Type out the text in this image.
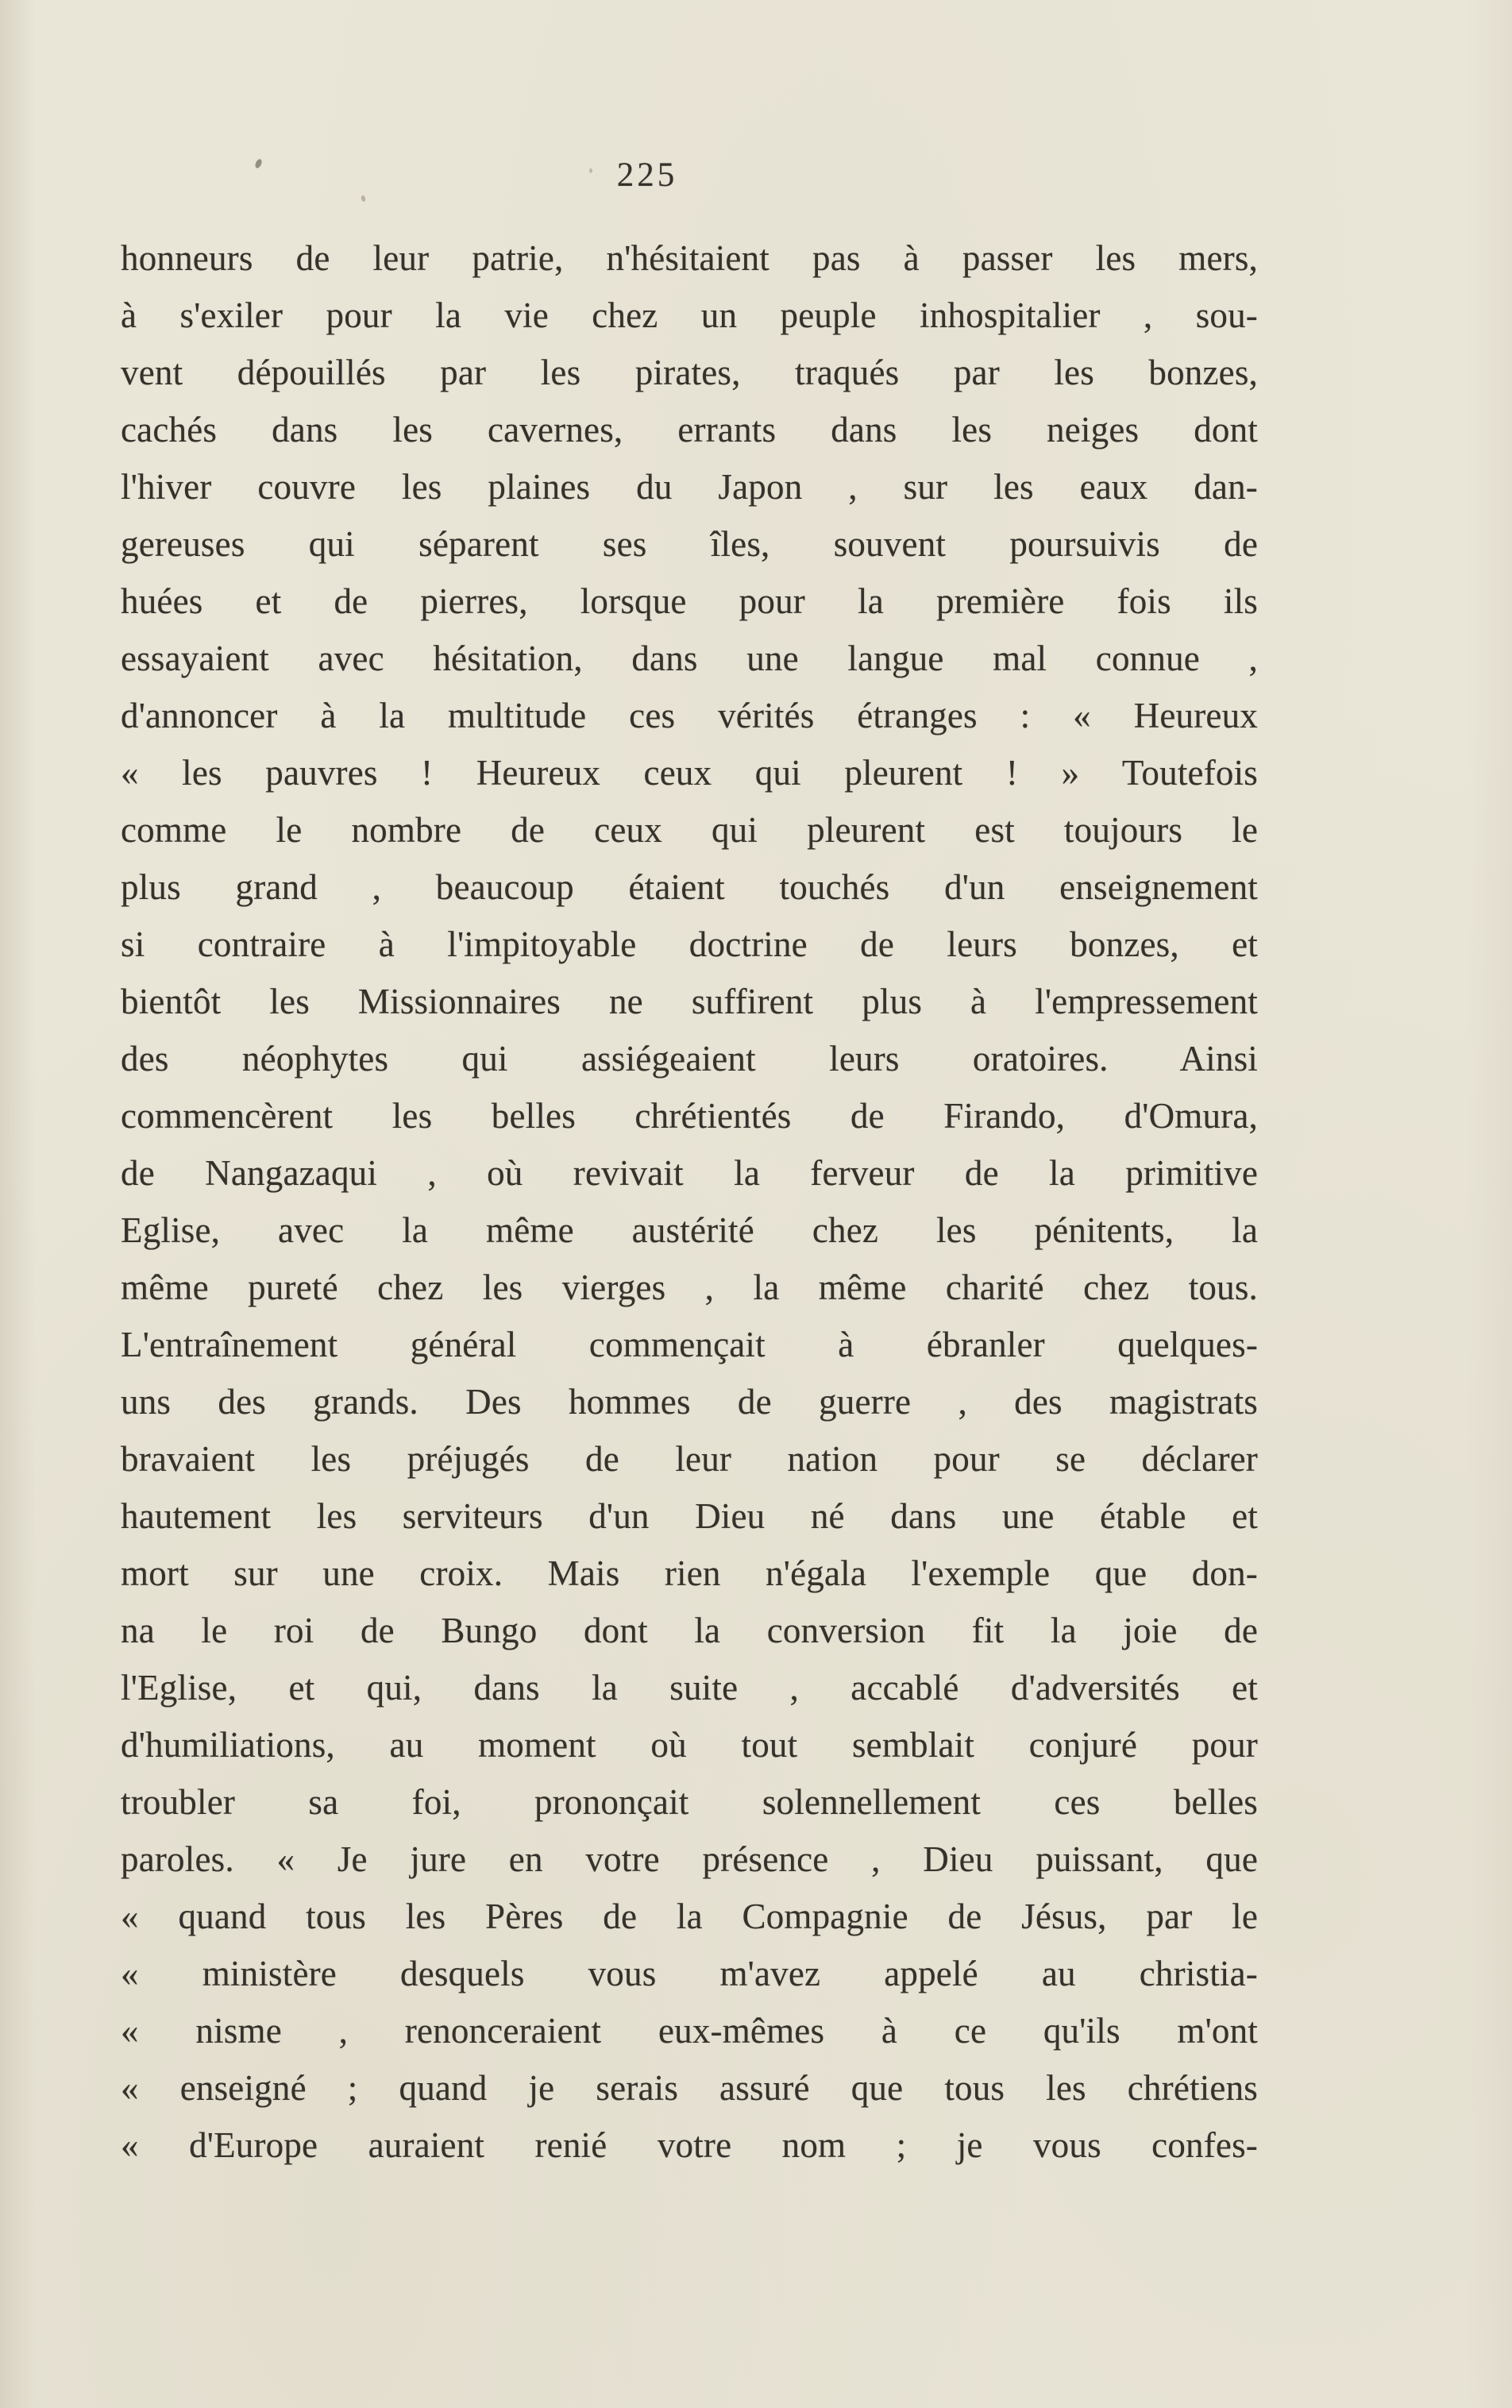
225
honneurs de leur patrie, n'hésitaient pas à passer les mers,
à s'exiler pour la vie chez un peuple inhospitalier , sou-
vent dépouillés par les pirates, traqués par les bonzes,
cachés dans les cavernes, errants dans les neiges dont
l'hiver couvre les plaines du Japon , sur les eaux dan-
gereuses qui séparent ses îles, souvent poursuivis de
huées et de pierres, lorsque pour la première fois ils
essayaient avec hésitation, dans une langue mal connue ,
d'annoncer à la multitude ces vérités étranges : « Heureux
« les pauvres ! Heureux ceux qui pleurent ! » Toutefois
comme le nombre de ceux qui pleurent est toujours le
plus grand , beaucoup étaient touchés d'un enseignement
si contraire à l'impitoyable doctrine de leurs bonzes, et
bientôt les Missionnaires ne suffirent plus à l'empressement
des néophytes qui assiégeaient leurs oratoires. Ainsi
commencèrent les belles chrétientés de Firando, d'Omura,
de Nangazaqui , où revivait la ferveur de la primitive
Eglise, avec la même austérité chez les pénitents, la
même pureté chez les vierges , la même charité chez tous.
L'entraînement général commençait à ébranler quelques-
uns des grands. Des hommes de guerre , des magistrats
bravaient les préjugés de leur nation pour se déclarer
hautement les serviteurs d'un Dieu né dans une étable et
mort sur une croix. Mais rien n'égala l'exemple que don-
na le roi de Bungo dont la conversion fit la joie de
l'Eglise, et qui, dans la suite , accablé d'adversités et
d'humiliations, au moment où tout semblait conjuré pour
troubler sa foi, prononçait solennellement ces belles
paroles. « Je jure en votre présence , Dieu puissant, que
« quand tous les Pères de la Compagnie de Jésus, par le
« ministère desquels vous m'avez appelé au christia-
« nisme , renonceraient eux-mêmes à ce qu'ils m'ont
« enseigné ; quand je serais assuré que tous les chrétiens
« d'Europe auraient renié votre nom ; je vous confes-
